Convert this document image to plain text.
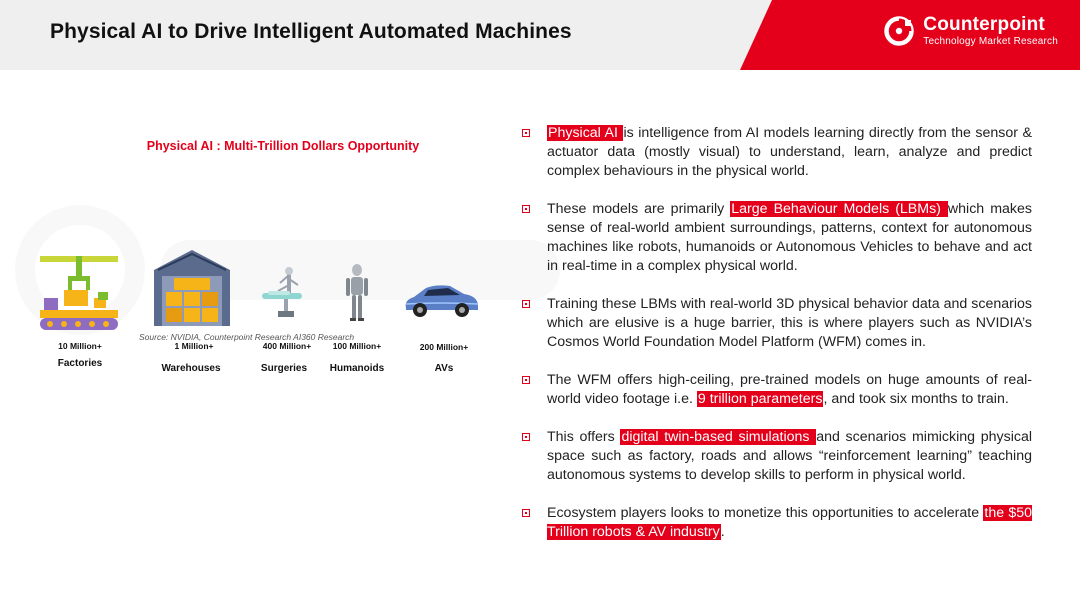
Physical AI to Drive Intelligent Automated Machines	Counterpoint
Technology Market Research
Physical AI : Multi-Trillion Dollars Opportunity
10 Million+
Factories
1 Million+
Warehouses
400 Million+
Surgeries
100 Million+
Humanoids
200 Million+
AVs
Source: NVIDIA, Counterpoint Research AI360 Research
Physical AI is intelligence from AI models learning directly from the sensor & actuator data (mostly visual) to understand, learn, analyze and predict complex behaviours in the physical world.
These models are primarily Large Behaviour Models (LBMs) which makes sense of real-world ambient surroundings, patterns, context for autonomous machines like robots, humanoids or Autonomous Vehicles to behave and act in real-time in a complex physical world.
Training these LBMs with real-world 3D physical behavior data and scenarios which are elusive is a huge barrier, this is where players such as NVIDIA’s Cosmos World Foundation Model Platform (WFM) comes in.
The WFM offers high-ceiling, pre-trained models on huge amounts of real-world video footage i.e. 9 trillion parameters, and took six months to train.
This offers digital twin-based simulations and scenarios mimicking physical space such as factory, roads and allows “reinforcement learning” teaching autonomous systems to develop skills to perform in physical world.
Ecosystem players looks to monetize this opportunities to accelerate the $50 Trillion robots & AV industry.
